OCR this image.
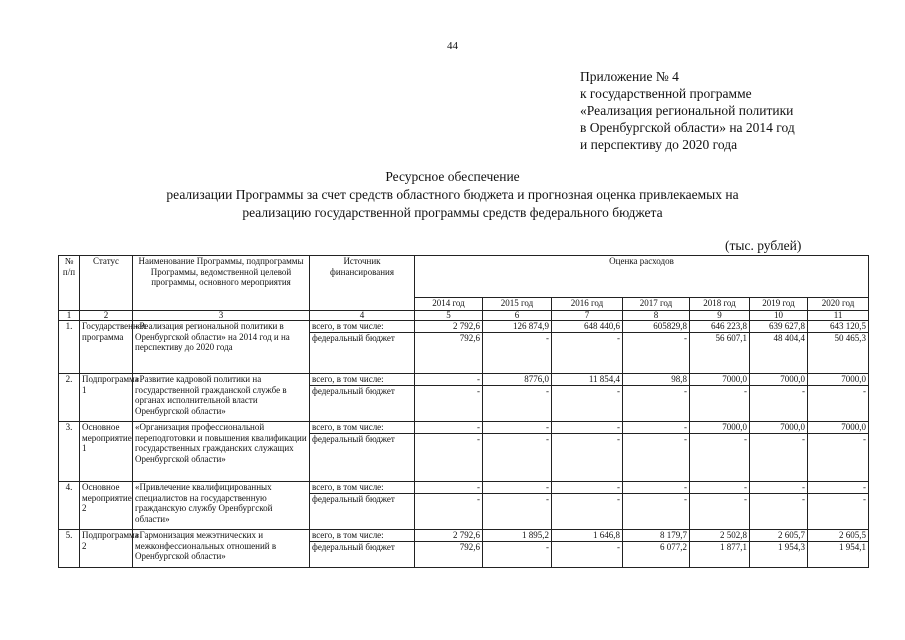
44
Приложение № 4
к государственной программе
«Реализация региональной политики
в Оренбургской области» на 2014 год
и перспективу до 2020 года
Ресурсное обеспечение
реализации Программы за счет средств областного бюджета и прогнозная оценка привлекаемых на
реализацию государственной программы средств федерального бюджета
(тыс. рублей)
№ п/п	Статус	Наименование Программы, подпрограммы Программы, ведомственной целевой программы, основного мероприятия	Источник финансирования	Оценка расходов						
				2014 год	2015 год	2016 год	2017 год	2018 год	2019 год	2020 год
1	2	3	4	5	6	7	8	9	10	11
1.	Государственная программа	«Реализация региональной политики в Оренбургской области» на 2014 год и на перспективу до 2020 года	всего, в том числе:	2 792,6	126 874,9	648 440,6	605829,8	646 223,8	639 627,8	643 120,5
			федеральный бюджет	792,6	-	-	-	56 607,1	48 404,4	50 465,3
2.	Подпрограмма 1	«Развитие кадровой политики на государственной гражданской службе в органах исполнительной власти Оренбургской области»	всего, в том числе:	-	8776,0	11 854,4	98,8	7000,0	7000,0	7000,0
			федеральный бюджет	-	-	-	-	-	-	-
3.	Основное мероприятие 1	«Организация профессиональной переподготовки и повышения квалификации государственных гражданских служащих Оренбургской области»	всего, в том числе:	-	-	-	-	7000,0	7000,0	7000,0
			федеральный бюджет	-	-	-	-	-	-	-
4.	Основное мероприятие 2	«Привлечение квалифицированных специалистов на государственную гражданскую службу Оренбургской области»	всего, в том числе:	-	-	-	-	-	-	-
			федеральный бюджет	-	-	-	-	-	-	-
5.	Подпрограмма 2	«Гармонизация межэтнических и межконфессиональных отношений в Оренбургской области»	всего, в том числе:	2 792,6	1 895,2	1 646,8	8 179,7	2 502,8	2 605,7	2 605,5
			федеральный бюджет	792,6	-	-	6 077,2	1 877,1	1 954,3	1 954,1
